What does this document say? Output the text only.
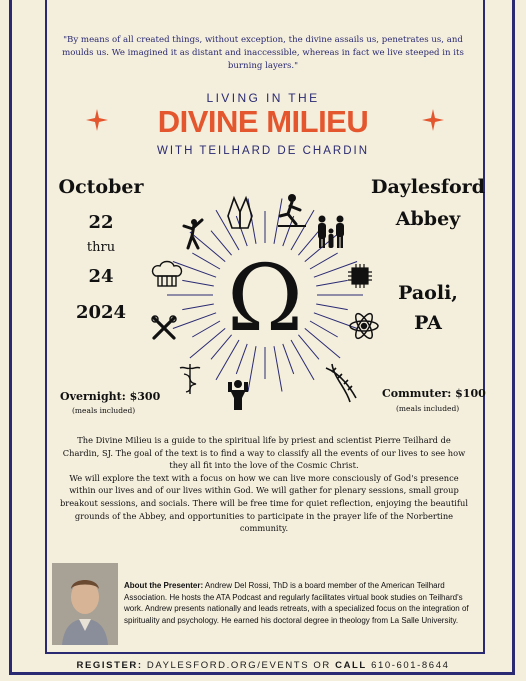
"By means of all created things, without exception, the divine assails us, penetrates us, and moulds us. We imagined it as distant and inaccessible, whereas in fact we live steeped in its burning layers."
LIVING IN THE
DIVINE MILIEU
WITH TEILHARD DE CHARDIN
October
22
thru
24
2024
Daylesford
Abbey
Paoli,
PA
Overnight: $300
(meals included)
Commuter: $100
(meals included)
Ω
The Divine Milieu is a guide to the spiritual life by priest and scientist Pierre Teilhard de Chardin, SJ. The goal of the text is to find a way to classify all the events of our lives to see how they all fit into the love of the Cosmic Christ.
We will explore the text with a focus on how we can live more consciously of God's presence within our lives and of our lives within God. We will gather for plenary sessions, small group breakout sessions, and socials. There will be free time for quiet reflection, enjoying the beautiful grounds of the Abbey, and opportunities to participate in the prayer life of the Norbertine community.
About the Presenter: Andrew Del Rossi, ThD is a board member of the American Teilhard Association. He hosts the ATA Podcast and regularly facilitates virtual book studies on Teilhard's work. Andrew presents nationally and leads retreats, with a specialized focus on the integration of spirituality and psychology. He earned his doctoral degree in theology from La Salle University.
REGISTER: DAYLESFORD.ORG/EVENTS OR CALL 610-601-8644
